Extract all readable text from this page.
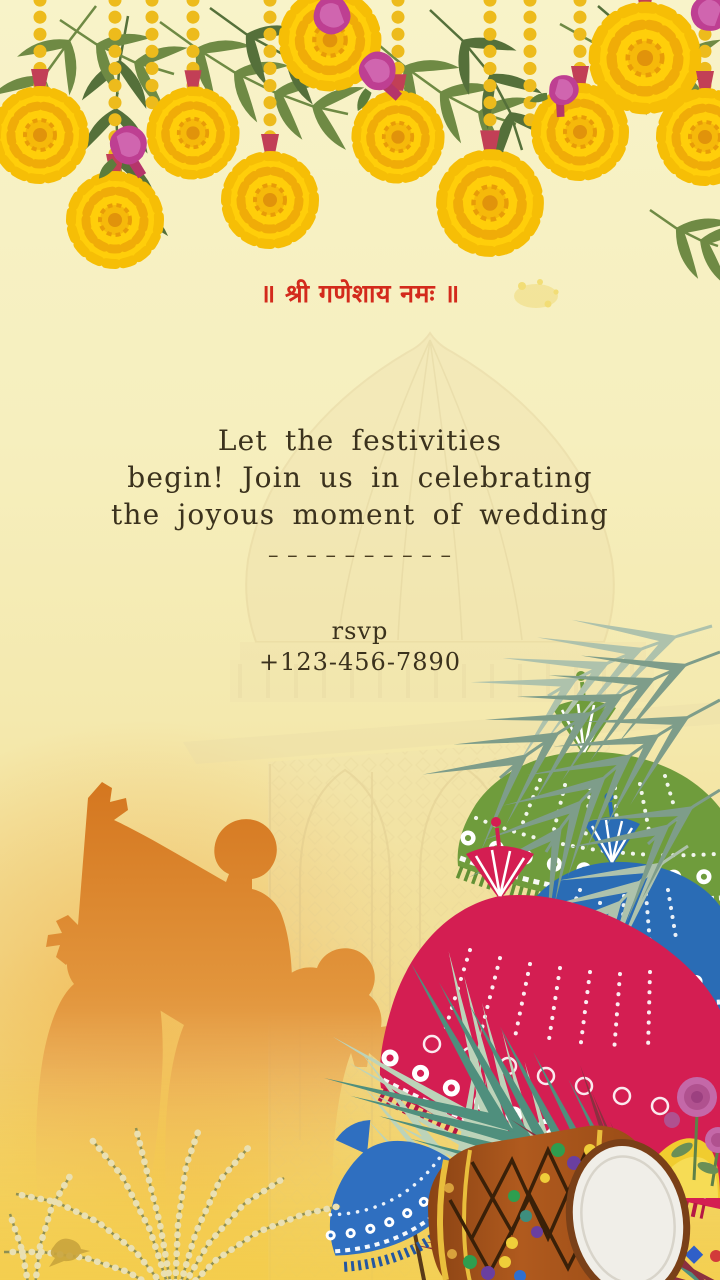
॥ श्री गणेशाय नमः ॥
Let the festivities
begin! Join us in celebrating
the joyous moment of wedding
– – – – – – – – – –
rsvp
+123-456-7890
